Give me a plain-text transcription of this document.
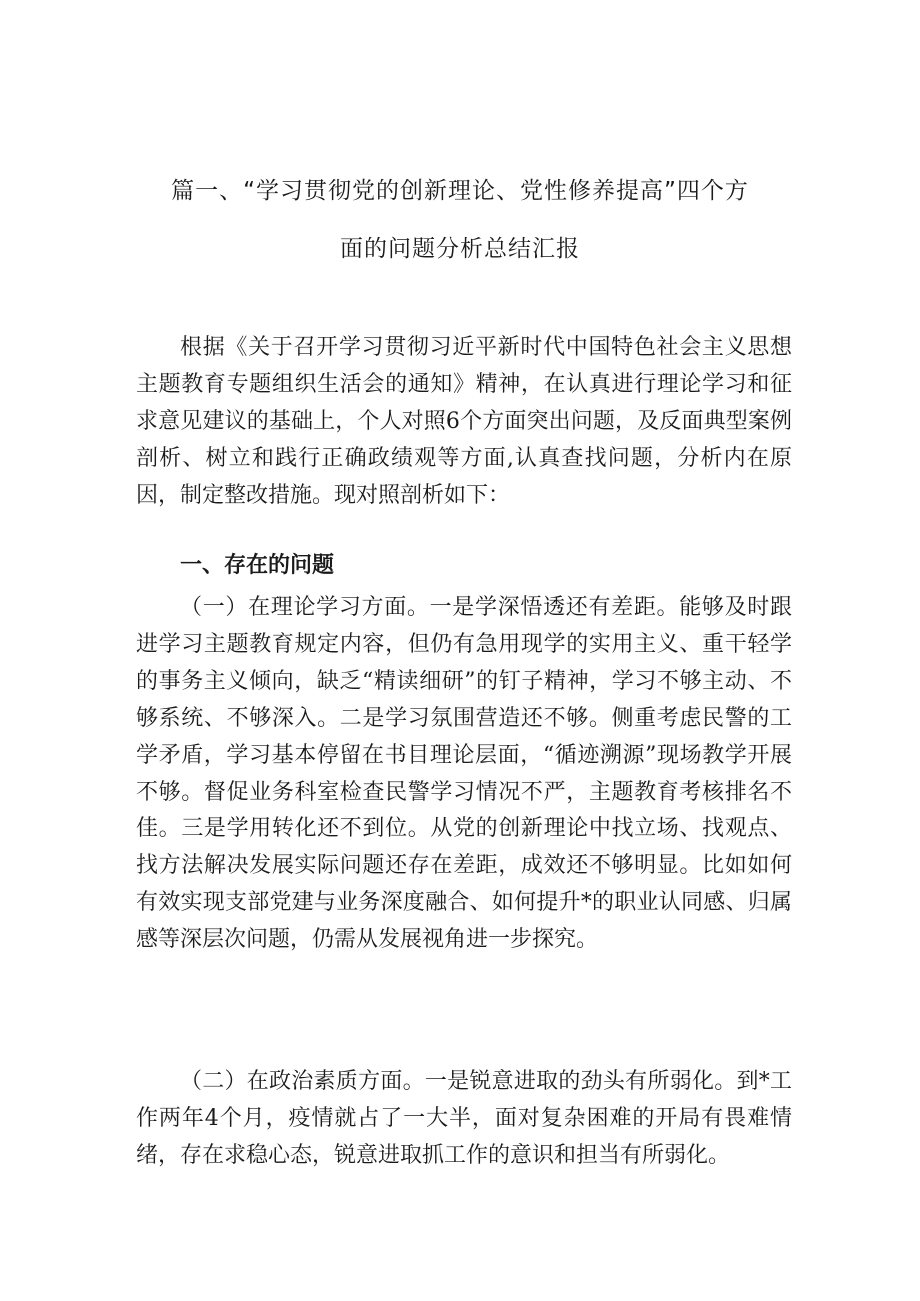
篇一、“学习贯彻党的创新理论、党性修养提高”四个方
面的问题分析总结汇报

根据《关于召开学习贯彻习近平新时代中国特色社会主义思想主题教育专题组织生活会的通知》精神，在认真进行理论学习和征求意见建议的基础上，个人对照6个方面突出问题，及反面典型案例剖析、树立和践行正确政绩观等方面,认真查找问题，分析内在原因，制定整改措施。现对照剖析如下：

一、存在的问题

（一）在理论学习方面。一是学深悟透还有差距。能够及时跟进学习主题教育规定内容，但仍有急用现学的实用主义、重干轻学的事务主义倾向，缺乏“精读细研”的钉子精神，学习不够主动、不够系统、不够深入。二是学习氛围营造还不够。侧重考虑民警的工学矛盾，学习基本停留在书目理论层面，“循迹溯源”现场教学开展不够。督促业务科室检查民警学习情况不严，主题教育考核排名不佳。三是学用转化还不到位。从党的创新理论中找立场、找观点、找方法解决发展实际问题还存在差距，成效还不够明显。比如如何有效实现支部党建与业务深度融合、如何提升*的职业认同感、归属感等深层次问题，仍需从发展视角进一步探究。

（二）在政治素质方面。一是锐意进取的劲头有所弱化。到*工作两年4个月，疫情就占了一大半，面对复杂困难的开局有畏难情绪，存在求稳心态，锐意进取抓工作的意识和担当有所弱化。
